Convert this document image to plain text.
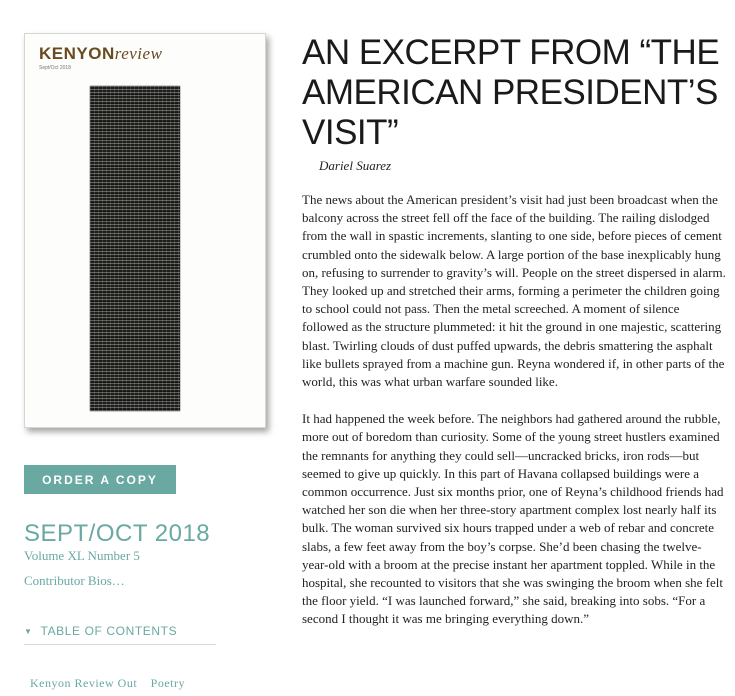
KENYONreview
Sept/Oct 2018
ORDER A COPY
SEPT/OCT 2018
Volume XL Number 5
Contributor Bios…
▼ TABLE OF CONTENTS
Kenyon Review Out Poetry
AN EXCERPT FROM “THE AMERICAN PRESIDENT’S VISIT”
Dariel Suarez

The news about the American president’s visit had just been broadcast when the balcony across the street fell off the face of the building. The railing dislodged from the wall in spastic increments, slanting to one side, before pieces of cement crumbled onto the sidewalk below. A large portion of the base inexplicably hung on, refusing to surrender to gravity’s will. People on the street dispersed in alarm. They looked up and stretched their arms, forming a perimeter the children going to school could not pass. Then the metal screeched. A moment of silence followed as the structure plummeted: it hit the ground in one majestic, scattering blast. Twirling clouds of dust puffed upwards, the debris smattering the asphalt like bullets sprayed from a machine gun. Reyna wondered if, in other parts of the world, this was what urban warfare sounded like.

It had happened the week before. The neighbors had gathered around the rubble, more out of boredom than curiosity. Some of the young street hustlers examined the remnants for anything they could sell—uncracked bricks, iron rods—but seemed to give up quickly. In this part of Havana collapsed buildings were a common occurrence. Just six months prior, one of Reyna’s childhood friends had watched her son die when her three-story apartment complex lost nearly half its bulk. The woman survived six hours trapped under a web of rebar and concrete slabs, a few feet away from the boy’s corpse. She’d been chasing the twelve-year-old with a broom at the precise instant her apartment toppled. While in the hospital, she recounted to visitors that she was swinging the broom when she felt the floor yield. “I was launched forward,” she said, breaking into sobs. “For a second I thought it was me bringing everything down.”
